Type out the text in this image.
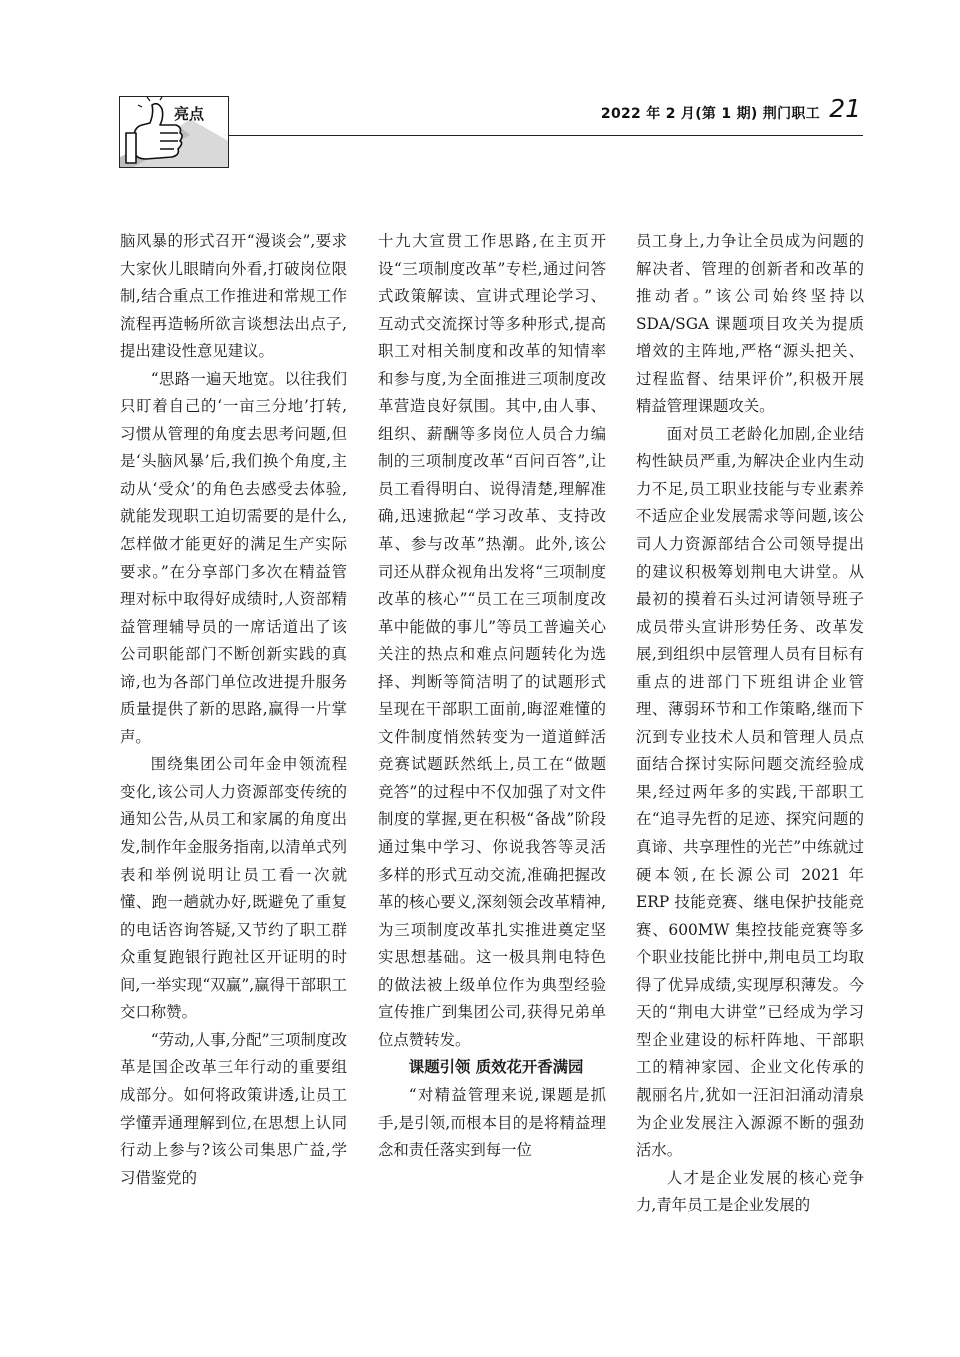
亮点	2022 年 2 月(第 1 期) 荆门职工 21

脑风暴的形式召开“漫谈会”,要求大家伙儿眼睛向外看,打破岗位限制,结合重点工作推进和常规工作流程再造畅所欲言谈想法出点子,提出建设性意见建议。

“思路一遍天地宽。以往我们只盯着自己的‘一亩三分地’打转,习惯从管理的角度去思考问题,但是‘头脑风暴’后,我们换个角度,主动从‘受众’的角色去感受去体验,就能发现职工迫切需要的是什么,怎样做才能更好的满足生产实际要求。”在分享部门多次在精益管理对标中取得好成绩时,人资部精益管理辅导员的一席话道出了该公司职能部门不断创新实践的真谛,也为各部门单位改进提升服务质量提供了新的思路,赢得一片掌声。

围绕集团公司年金申领流程变化,该公司人力资源部变传统的通知公告,从员工和家属的角度出发,制作年金服务指南,以清单式列表和举例说明让员工看一次就懂、跑一趟就办好,既避免了重复的电话咨询答疑,又节约了职工群众重复跑银行跑社区开证明的时间,一举实现“双赢”,赢得干部职工交口称赞。

“劳动,人事,分配”三项制度改革是国企改革三年行动的重要组成部分。如何将政策讲透,让员工学懂弄通理解到位,在思想上认同行动上参与?该公司集思广益,学习借鉴党的

十九大宣贯工作思路,在主页开设“三项制度改革”专栏,通过问答式政策解读、宣讲式理论学习、互动式交流探讨等多种形式,提高职工对相关制度和改革的知情率和参与度,为全面推进三项制度改革营造良好氛围。其中,由人事、组织、薪酬等多岗位人员合力编制的三项制度改革“百问百答”,让员工看得明白、说得清楚,理解准确,迅速掀起“学习改革、支持改革、参与改革”热潮。此外,该公司还从群众视角出发将“三项制度改革的核心”“员工在三项制度改革中能做的事儿”等员工普遍关心关注的热点和难点问题转化为选择、判断等简洁明了的试题形式呈现在干部职工面前,晦涩难懂的文件制度悄然转变为一道道鲜活竞赛试题跃然纸上,员工在“做题竞答”的过程中不仅加强了对文件制度的掌握,更在积极“备战”阶段通过集中学习、你说我答等灵活多样的形式互动交流,准确把握改革的核心要义,深刻领会改革精神,为三项制度改革扎实推进奠定坚实思想基础。这一极具荆电特色的做法被上级单位作为典型经验宣传推广到集团公司,获得兄弟单位点赞转发。

课题引领 质效花开香满园

“对精益管理来说,课题是抓手,是引领,而根本目的是将精益理念和责任落实到每一位

员工身上,力争让全员成为问题的解决者、管理的创新者和改革的推动者。”该公司始终坚持以SDA/SGA 课题项目攻关为提质增效的主阵地,严格“源头把关、过程监督、结果评价”,积极开展精益管理课题攻关。

面对员工老龄化加剧,企业结构性缺员严重,为解决企业内生动力不足,员工职业技能与专业素养不适应企业发展需求等问题,该公司人力资源部结合公司领导提出的建议积极筹划荆电大讲堂。从最初的摸着石头过河请领导班子成员带头宣讲形势任务、改革发展,到组织中层管理人员有目标有重点的进部门下班组讲企业管理、薄弱环节和工作策略,继而下沉到专业技术人员和管理人员点面结合探讨实际问题交流经验成果,经过两年多的实践,干部职工在“追寻先哲的足迹、探究问题的真谛、共享理性的光芒”中练就过硬本领,在长源公司 2021 年 ERP 技能竞赛、继电保护技能竞赛、600MW 集控技能竞赛等多个职业技能比拼中,荆电员工均取得了优异成绩,实现厚积薄发。今天的“荆电大讲堂”已经成为学习型企业建设的标杆阵地、干部职工的精神家园、企业文化传承的靓丽名片,犹如一汪汩汩涌动清泉为企业发展注入源源不断的强劲活水。

人才是企业发展的核心竞争力,青年员工是企业发展的
